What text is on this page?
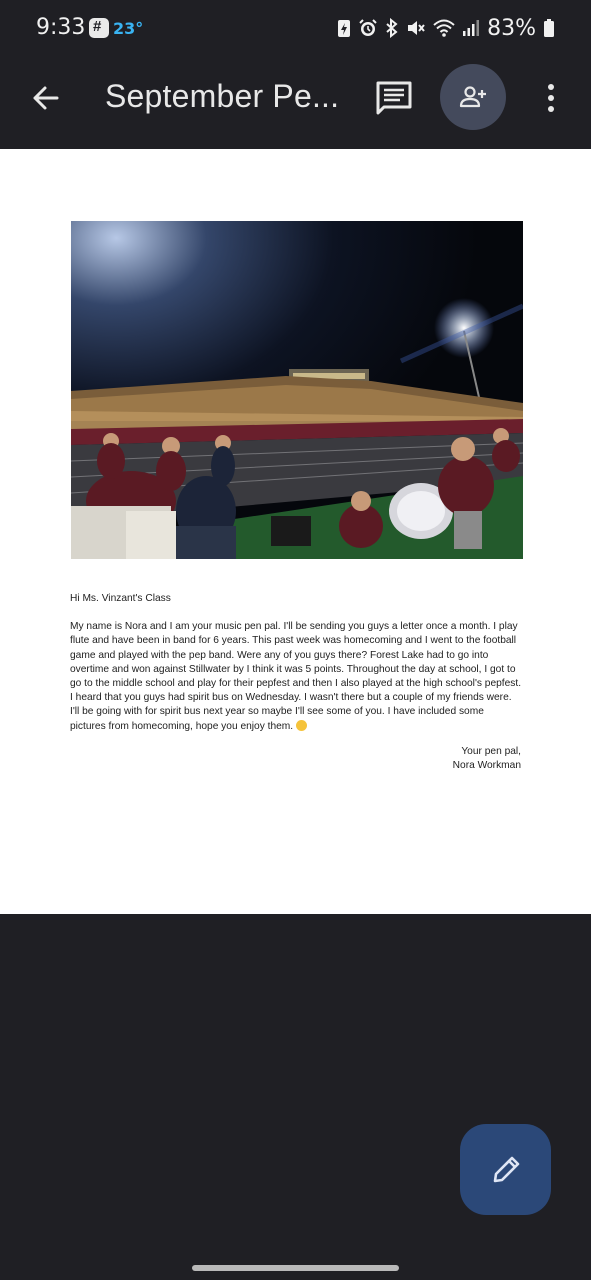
9:33
# 23°	83%
September Pe...

Hi Ms. Vinzant's Class

My name is Nora and I am your music pen pal. I'll be sending you guys a letter once a month. I play flute and have been in band for 6 years. This past week was homecoming and I went to the football game and played with the pep band. Were any of you guys there? Forest Lake had to go into overtime and won against Stillwater by I think it was 5 points. Throughout the day at school, I got to go to the middle school and play for their pepfest and then I also played at the high school's pepfest. I heard that you guys had spirit bus on Wednesday. I wasn't there but a couple of my friends were. I'll be going with for spirit bus next year so maybe I'll see some of you. I have included some pictures from homecoming, hope you enjoy them.

Your pen pal,
Nora Workman
